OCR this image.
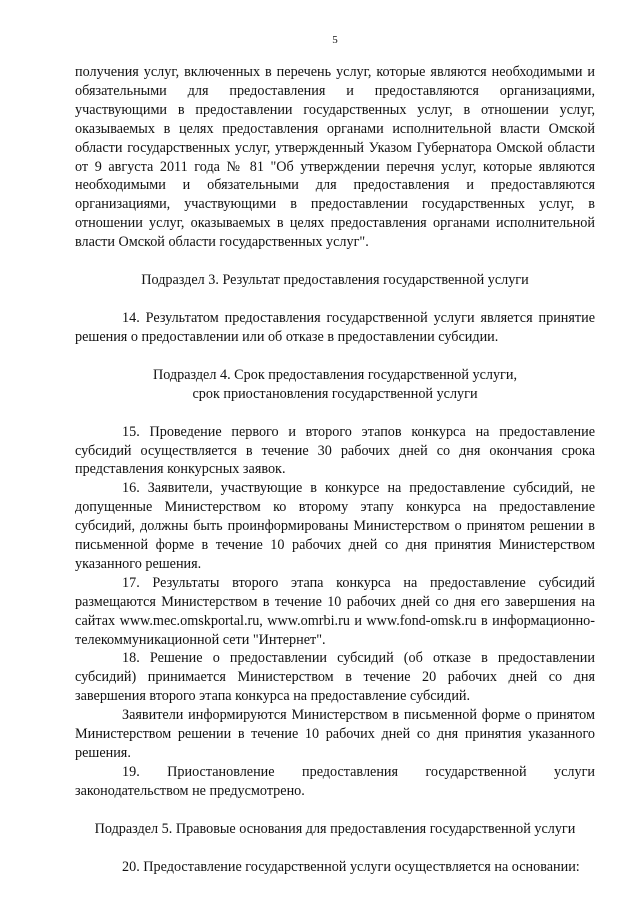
5

получения услуг, включенных в перечень услуг, которые являются необходимыми и обязательными для предоставления и предоставляются организациями, участвующими в предоставлении государственных услуг, в отношении услуг, оказываемых в целях предоставления органами исполнительной власти Омской области государственных услуг, утвержденный Указом Губернатора Омской области от 9 августа 2011 года № 81 "Об утверждении перечня услуг, которые являются необходимыми и обязательными для предоставления и предоставляются организациями, участвующими в предоставлении государственных услуг, в отношении услуг, оказываемых в целях предоставления органами исполнительной власти Омской области государственных услуг".

Подраздел 3. Результат предоставления государственной услуги

14. Результатом предоставления государственной услуги является принятие решения о предоставлении или об отказе в предоставлении субсидии.

Подраздел 4. Срок предоставления государственной услуги,

срок приостановления государственной услуги

15. Проведение первого и второго этапов конкурса на предоставление субсидий осуществляется в течение 30 рабочих дней со дня окончания срока представления конкурсных заявок.

16. Заявители, участвующие в конкурсе на предоставление субсидий, не допущенные Министерством ко второму этапу конкурса на предоставление субсидий, должны быть проинформированы Министерством о принятом решении в письменной форме в течение 10 рабочих дней со дня принятия Министерством указанного решения.

17. Результаты второго этапа конкурса на предоставление субсидий размещаются Министерством в течение 10 рабочих дней со дня его завершения на сайтах www.mec.omskportal.ru, www.omrbi.ru и www.fond-omsk.ru в информационно-телекоммуникационной сети "Интернет".

18. Решение о предоставлении субсидий (об отказе в предоставлении субсидий) принимается Министерством в течение 20 рабочих дней со дня завершения второго этапа конкурса на предоставление субсидий.

Заявители информируются Министерством в письменной форме о принятом Министерством решении в течение 10 рабочих дней со дня принятия указанного решения.

19. Приостановление предоставления государственной услуги законодательством не предусмотрено.

Подраздел 5. Правовые основания для предоставления государственной услуги

20. Предоставление государственной услуги осуществляется на основании:
